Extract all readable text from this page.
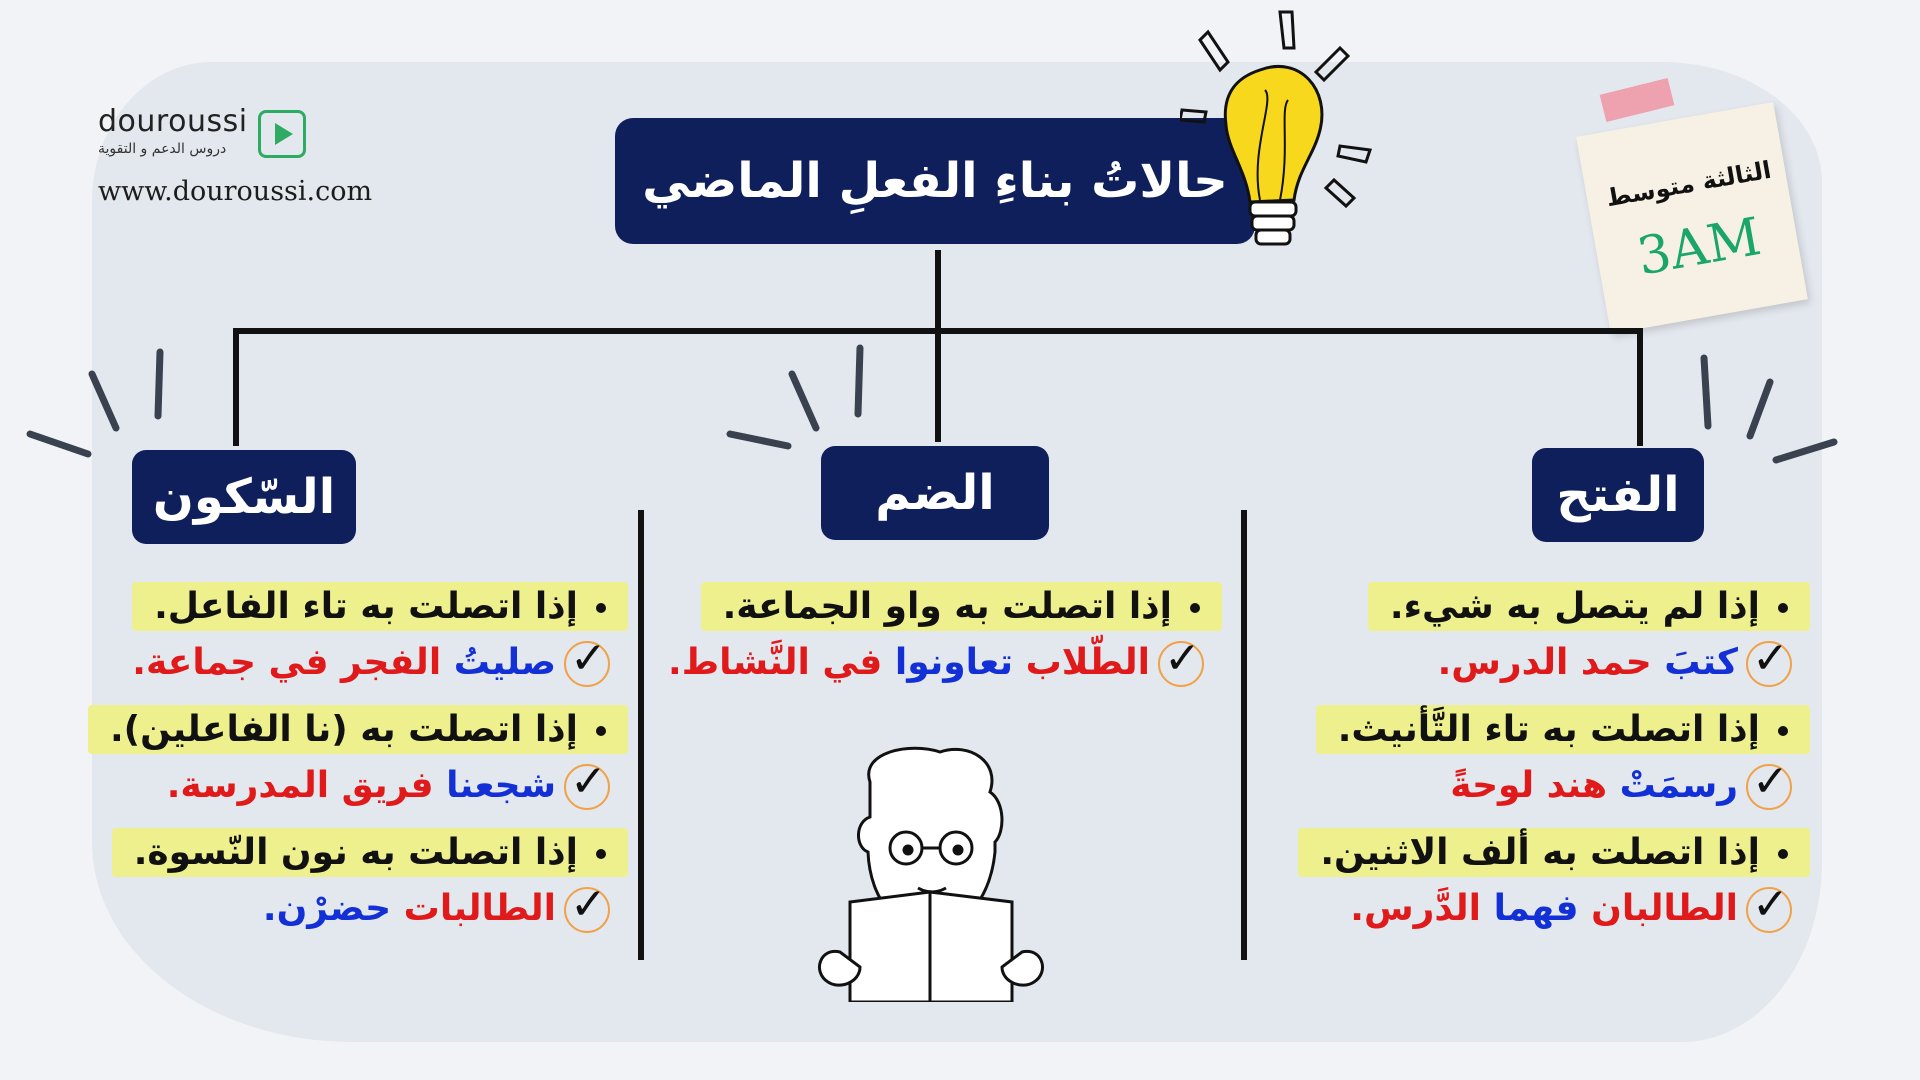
douroussi
دروس الدعم و التقوية
www.douroussi.com	حالاتُ بناءِ الفعلِ الماضي	الثالثة متوسط
3AM
الفتح
الضم
السّكون
إذا لم يتصل به شيء.
✓كتبَ حمد الدرس.
إذا اتصلت به تاء التَّأنيث.
✓رسمَتْ هند لوحةً
إذا اتصلت به ألف الاثنين.
✓الطالبان فهما الدَّرس.
إذا اتصلت به واو الجماعة.
✓الطّلاب تعاونوا في النَّشاط.
إذا اتصلت به تاء الفاعل.
✓صليتُ الفجر في جماعة.
إذا اتصلت به (نا الفاعلين).
✓شجعنا فريق المدرسة.
إذا اتصلت به نون النّسوة.
✓الطالبات حضرْن.
